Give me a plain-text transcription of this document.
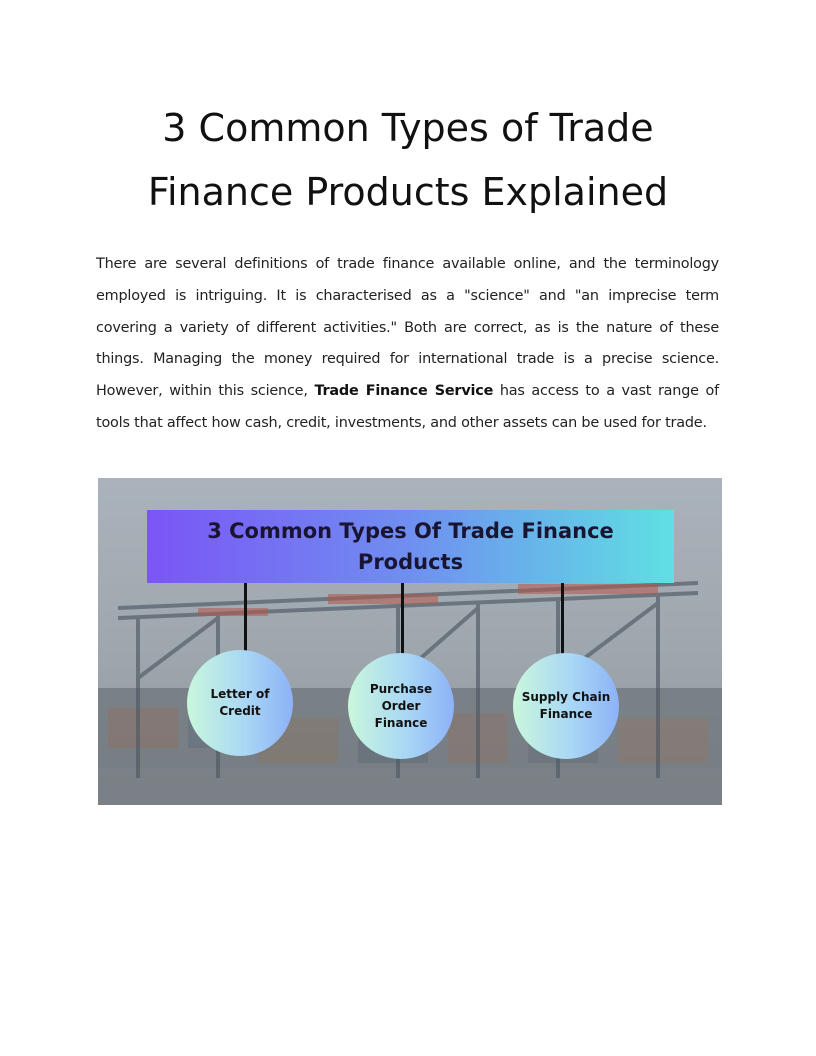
3 Common Types of Trade
Finance Products Explained

There are several definitions of trade finance available online, and the terminology employed is intriguing. It is characterised as a "science" and "an imprecise term covering a variety of different activities." Both are correct, as is the nature of these things. Managing the money required for international trade is a precise science. However, within this science, Trade Finance Service has access to a vast range of tools that affect how cash, credit, investments, and other assets can be used for trade.

3 Common Types Of Trade Finance Products
Letter of Credit
Purchase Order Finance
Supply Chain Finance
